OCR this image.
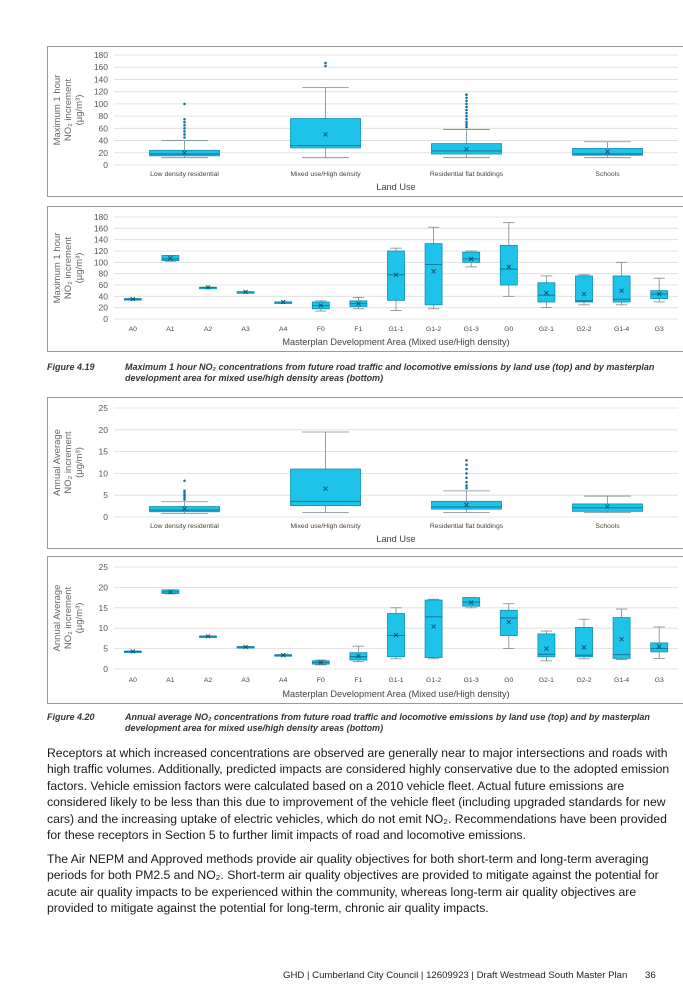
0
20
40
60
80
100
120
140
160
180
Maximum 1 hour NO₂ increment (µg/m³)
Land Use
Low density residential	Mixed use/High density	Residential flat buildings	Schools
0
20
40
60
80
100
120
140
160
180
Maximum 1 hour NO₂ increment (µg/m³)
Masterplan Development Area (Mixed use/High density)
A0	A1	A2	A3	A4	F0	F1	G1-1	G1-2	G1-3	G0	G2-1	G2-2	G1-4	G3
Figure 4.19	Maximum 1 hour NO₂ concentrations from future road traffic and locomotive emissions by land use (top) and by masterplan development area for mixed use/high density areas (bottom)
0
5
10
15
20
25
Annual Average NO₂ increment (µg/m³)
Land Use
Low density residential	Mixed use/High density	Residential flat buildings	Schools
0
5
10
15
20
25
Annual Average NO₂ increment (µg/m³)
Masterplan Development Area (Mixed use/High density)
A0	A1	A2	A3	A4	F0	F1	G1-1	G1-2	G1-3	G0	G2-1	G2-2	G1-4	G3
Figure 4.20	Annual average NO₂ concentrations from future road traffic and locomotive emissions by land use (top) and by masterplan development area for mixed use/high density areas (bottom)

Receptors at which increased concentrations are observed are generally near to major intersections and roads with high traffic volumes. Additionally, predicted impacts are considered highly conservative due to the adopted emission factors. Vehicle emission factors were calculated based on a 2010 vehicle fleet. Actual future emissions are considered likely to be less than this due to improvement of the vehicle fleet (including upgraded standards for new cars) and the increasing uptake of electric vehicles, which do not emit NO₂. Recommendations have been provided for these receptors in Section 5 to further limit impacts of road and locomotive emissions.

The Air NEPM and Approved methods provide air quality objectives for both short-term and long-term averaging periods for both PM2.5 and NO₂. Short-term air quality objectives are provided to mitigate against the potential for acute air quality impacts to be experienced within the community, whereas long-term air quality objectives are provided to mitigate against the potential for long-term, chronic air quality impacts.

GHD | Cumberland City Council | 12609923 | Draft Westmead South Master Plan 36
